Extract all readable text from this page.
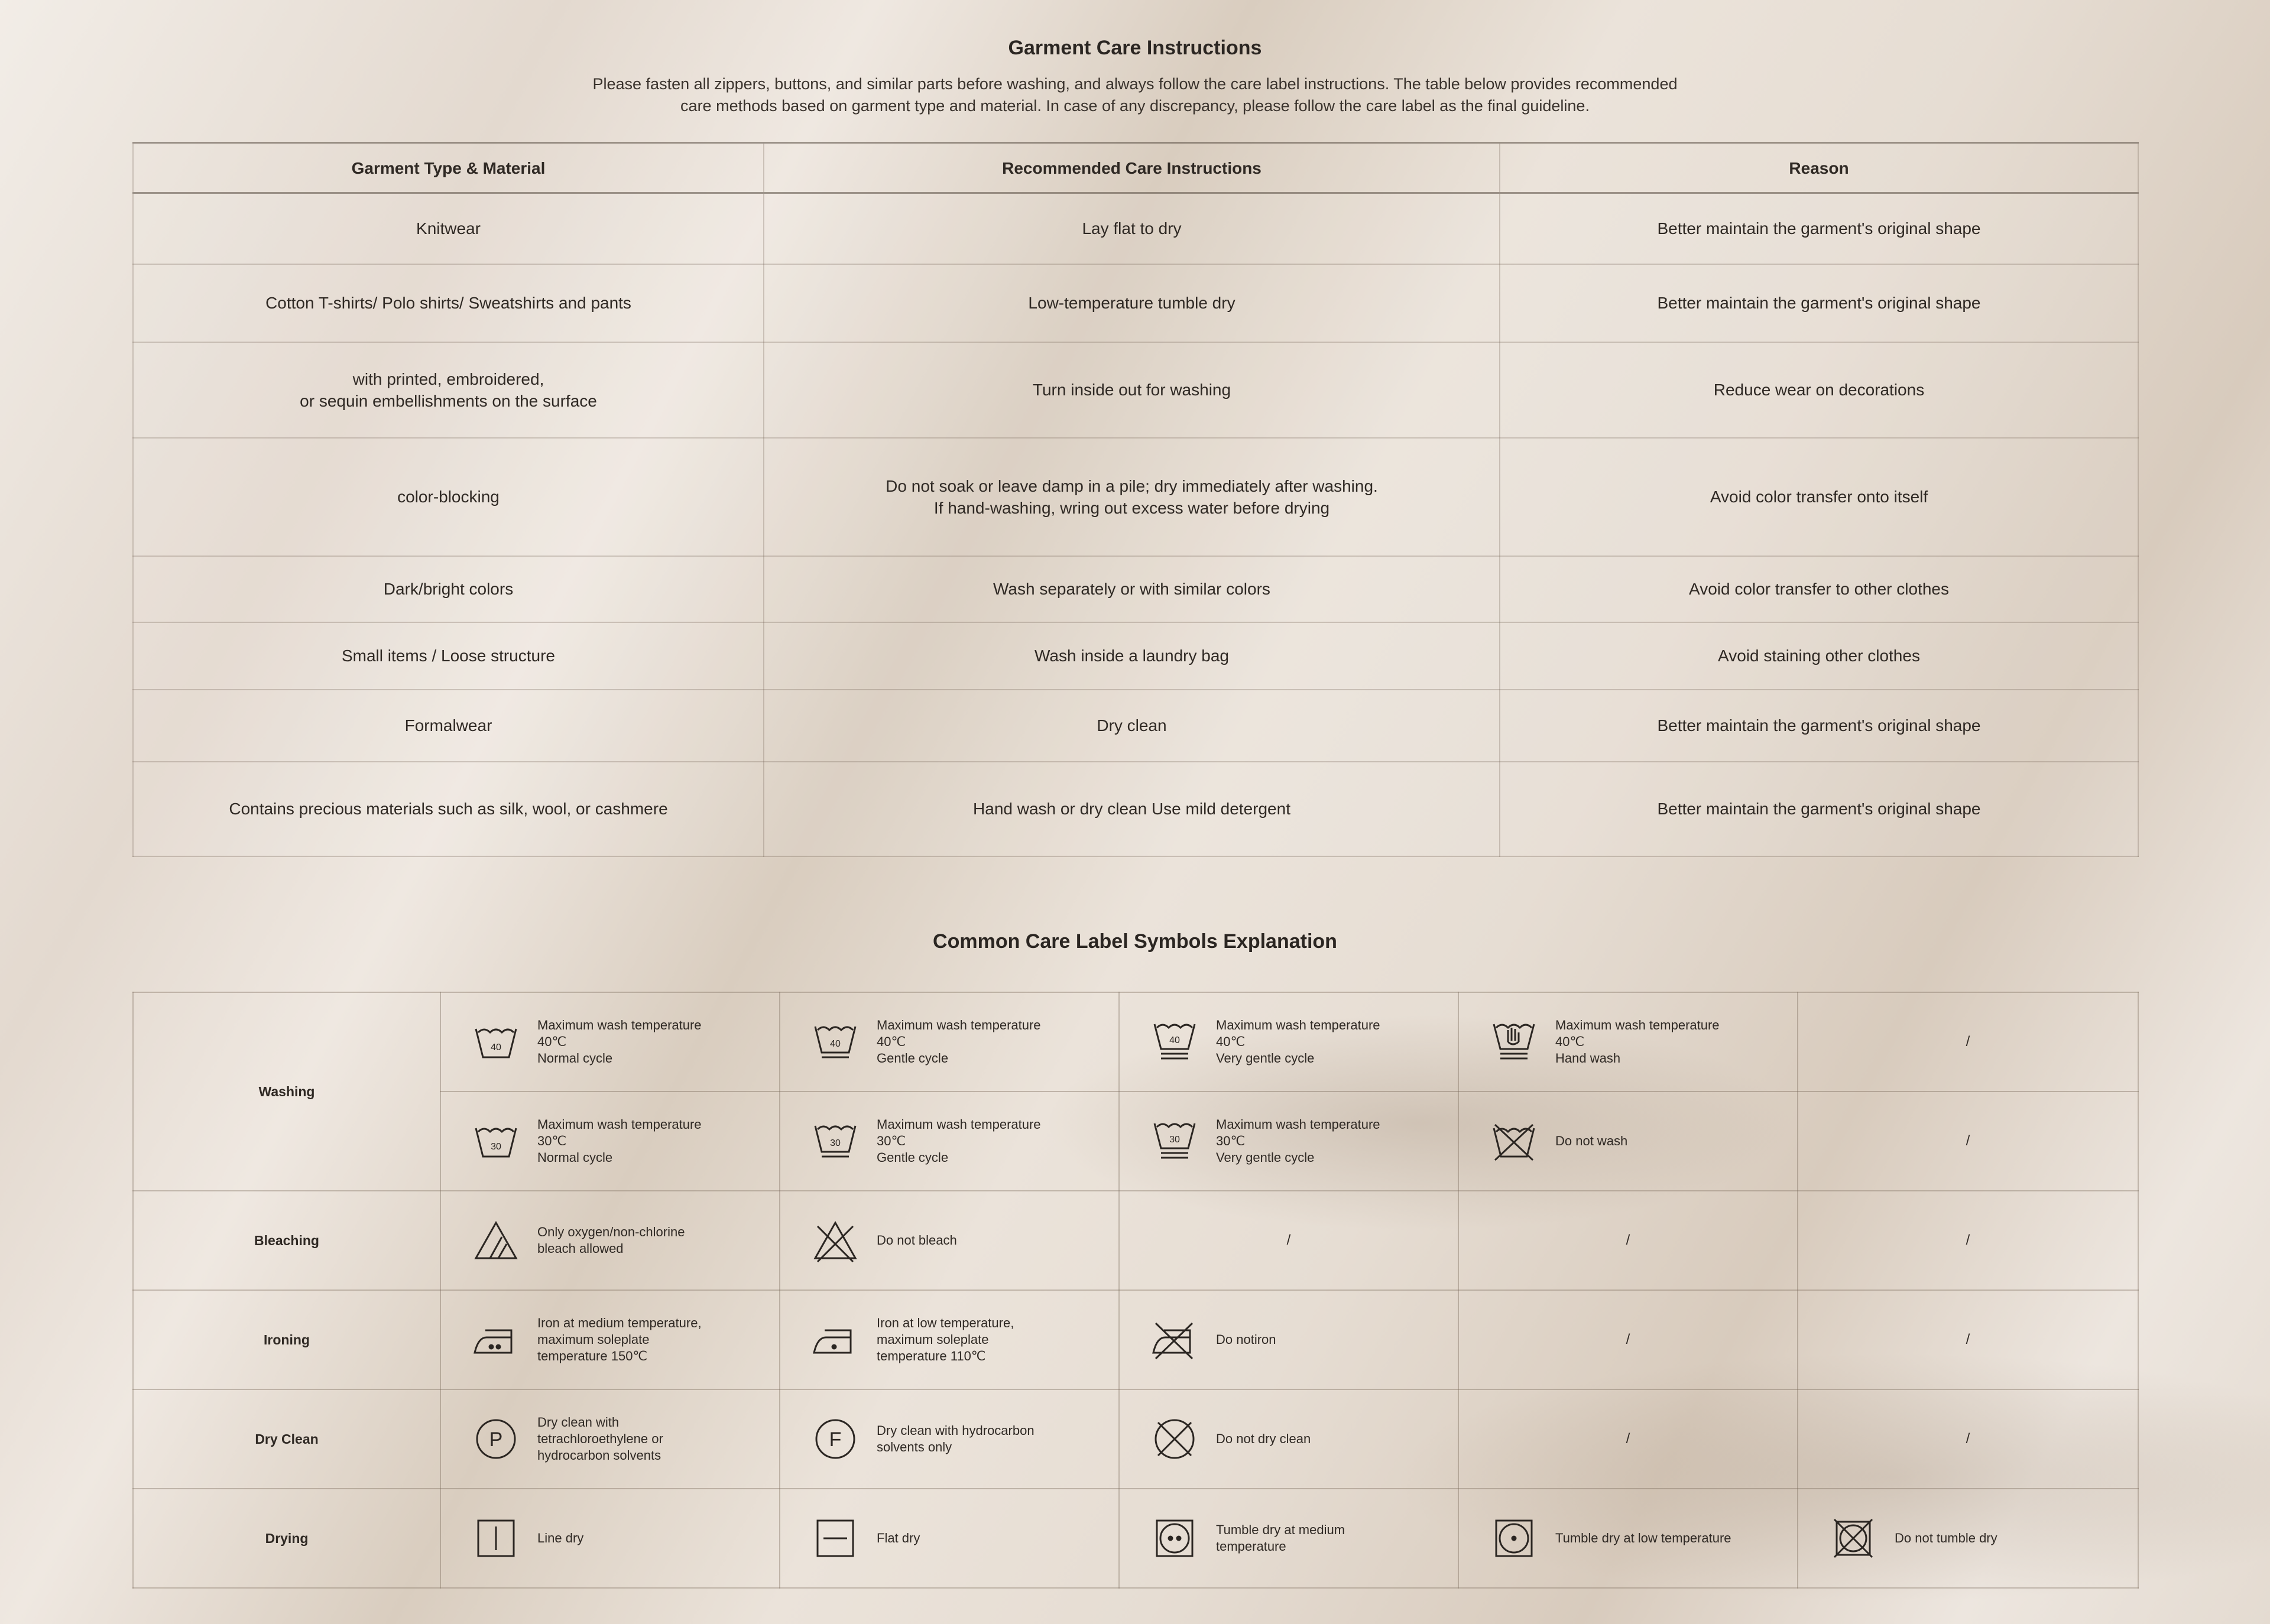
Garment Care Instructions

Please fasten all zippers, buttons, and similar parts before washing, and always follow the care label instructions. The table below provides recommended
care methods based on garment type and material. In case of any discrepancy, please follow the care label as the final guideline.

Garment Type & Material	Recommended Care Instructions	Reason

Knitwear	Lay flat to dry	Better maintain the garment's original shape

Cotton T-shirts/ Polo shirts/ Sweatshirts and pants	Low-temperature tumble dry	Better maintain the garment's original shape

with printed, embroidered,
or sequin embellishments on the surface	Turn inside out for washing	Reduce wear on decorations

color-blocking	Do not soak or leave damp in a pile; dry immediately after washing.
If hand-washing, wring out excess water before drying	Avoid color transfer onto itself

Dark/bright colors	Wash separately or with similar colors	Avoid color transfer to other clothes

Small items / Loose structure	Wash inside a laundry bag	Avoid staining other clothes

Formalwear	Dry clean	Better maintain the garment's original shape

Contains precious materials such as silk, wool, or cashmere	Hand wash or dry clean Use mild detergent	Better maintain the garment's original shape
Common Care Label Symbols Explanation
Washing	40
Maximum wash temperature
40℃
Normal cycle	40
Maximum wash temperature
40℃
Gentle cycle	40
Maximum wash temperature
40℃
Very gentle cycle	Maximum wash temperature
40℃
Hand wash	/

30
Maximum wash temperature
30℃
Normal cycle	30
Maximum wash temperature
30℃
Gentle cycle	30
Maximum wash temperature
30℃
Very gentle cycle	Do not wash	/
Bleaching	Only oxygen/non-chlorine
bleach allowed	Do not bleach	/	/	/
Ironing	Iron at medium temperature,
maximum soleplate
temperature 150℃	Iron at low temperature,
maximum soleplate
temperature 110℃	Do notiron	/	/
Dry Clean	P
Dry clean with
tetrachloroethylene or
hydrocarbon solvents	F Dry clean with hydrocarbon
solvents only	Do not dry clean	/	/
Drying	Line dry	Flat dry	Tumble dry at medium
temperature	Tumble dry at low temperature	Do not tumble dry
